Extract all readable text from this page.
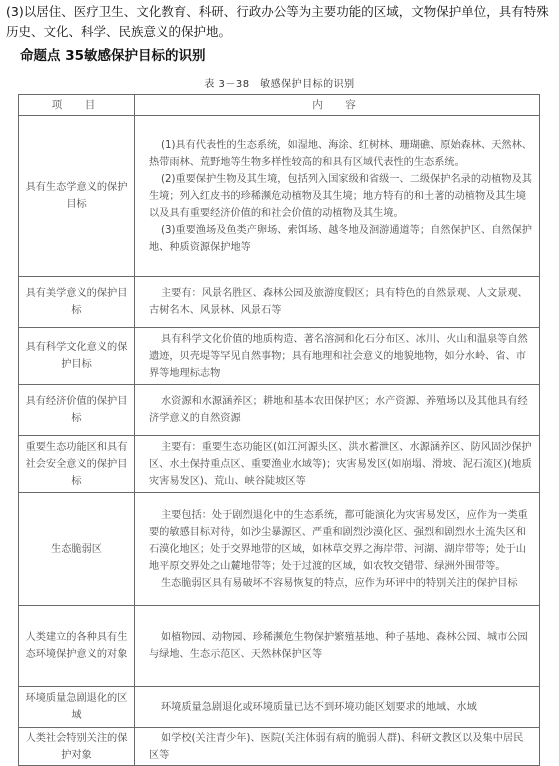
(3)以居住、医疗卫生、文化教育、科研、行政办公等为主要功能的区域，文物保护单位，具有特殊历史、文化、科学、民族意义的保护地。
命题点 35敏感保护目标的识别
表 3－38　敏感保护目标的识别
项　目	内　容
具有生态学意义的保护目标	(1)具有代表性的生态系统，如湿地、海涂、红树林、珊瑚礁、原始森林、天然林、热带雨林、荒野地等生物多样性较高的和具有区域代表性的生态系统。

(2)重要保护生物及其生境，包括列入国家级和省级一、二级保护名录的动植物及其生境；列入红皮书的珍稀濒危动植物及其生境；地方特有的和土著的动植物及其生境以及具有重要经济价值的和社会价值的动植物及其生境。

(3)重要渔场及鱼类产卵场、索饵场、越冬地及洄游通道等；自然保护区、自然保护地、种质资源保护地等

具有美学意义的保护目标	主要有：风景名胜区、森林公园及旅游度假区；具有特色的自然景观、人文景观、古树名木、风景林、风景石等

具有科学文化意义的保护目标	具有科学文化价值的地质构造、著名溶洞和化石分布区、冰川、火山和温泉等自然遗迹，贝壳堤等罕见自然事物；具有地理和社会意义的地貌地物，如分水岭、省、市界等地理标志物

具有经济价值的保护目标	水资源和水源涵养区；耕地和基本农田保护区；水产资源、养殖场以及其他具有经济学意义的自然资源

重要生态功能区和具有社会安全意义的保护目标	主要有：重要生态功能区(如江河源头区、洪水蓄泄区、水源涵养区、防风固沙保护区、水土保持重点区、重要渔业水域等)；灾害易发区(如崩塌、滑坡、泥石流区)(地质灾害易发区)、荒山、峡谷陡坡区等

生态脆弱区	主要包括：处于剧烈退化中的生态系统，都可能演化为灾害易发区，应作为一类重要的敏感目标对待，如沙尘暴源区、严重和剧烈沙漠化区、强烈和剧烈水土流失区和石漠化地区；处于交界地带的区域，如林草交界之海岸带、河湖、湖岸带等；处于山地平原交界处之山麓地带等；处于过渡的区域，如农牧交错带、绿洲外围带等。

生态脆弱区具有易破坏不容易恢复的特点，应作为环评中的特别关注的保护目标

人类建立的各种具有生态环境保护意义的对象	如植物园、动物园、珍稀濒危生物保护繁殖基地、种子基地、森林公园、城市公园与绿地、生态示范区、天然林保护区等

环境质量急剧退化的区域	环境质量急剧退化或环境质量已达不到环境功能区划要求的地域、水域

人类社会特别关注的保护对象	如学校(关注青少年)、医院(关注体弱有病的脆弱人群)、科研文教区以及集中居民区等
